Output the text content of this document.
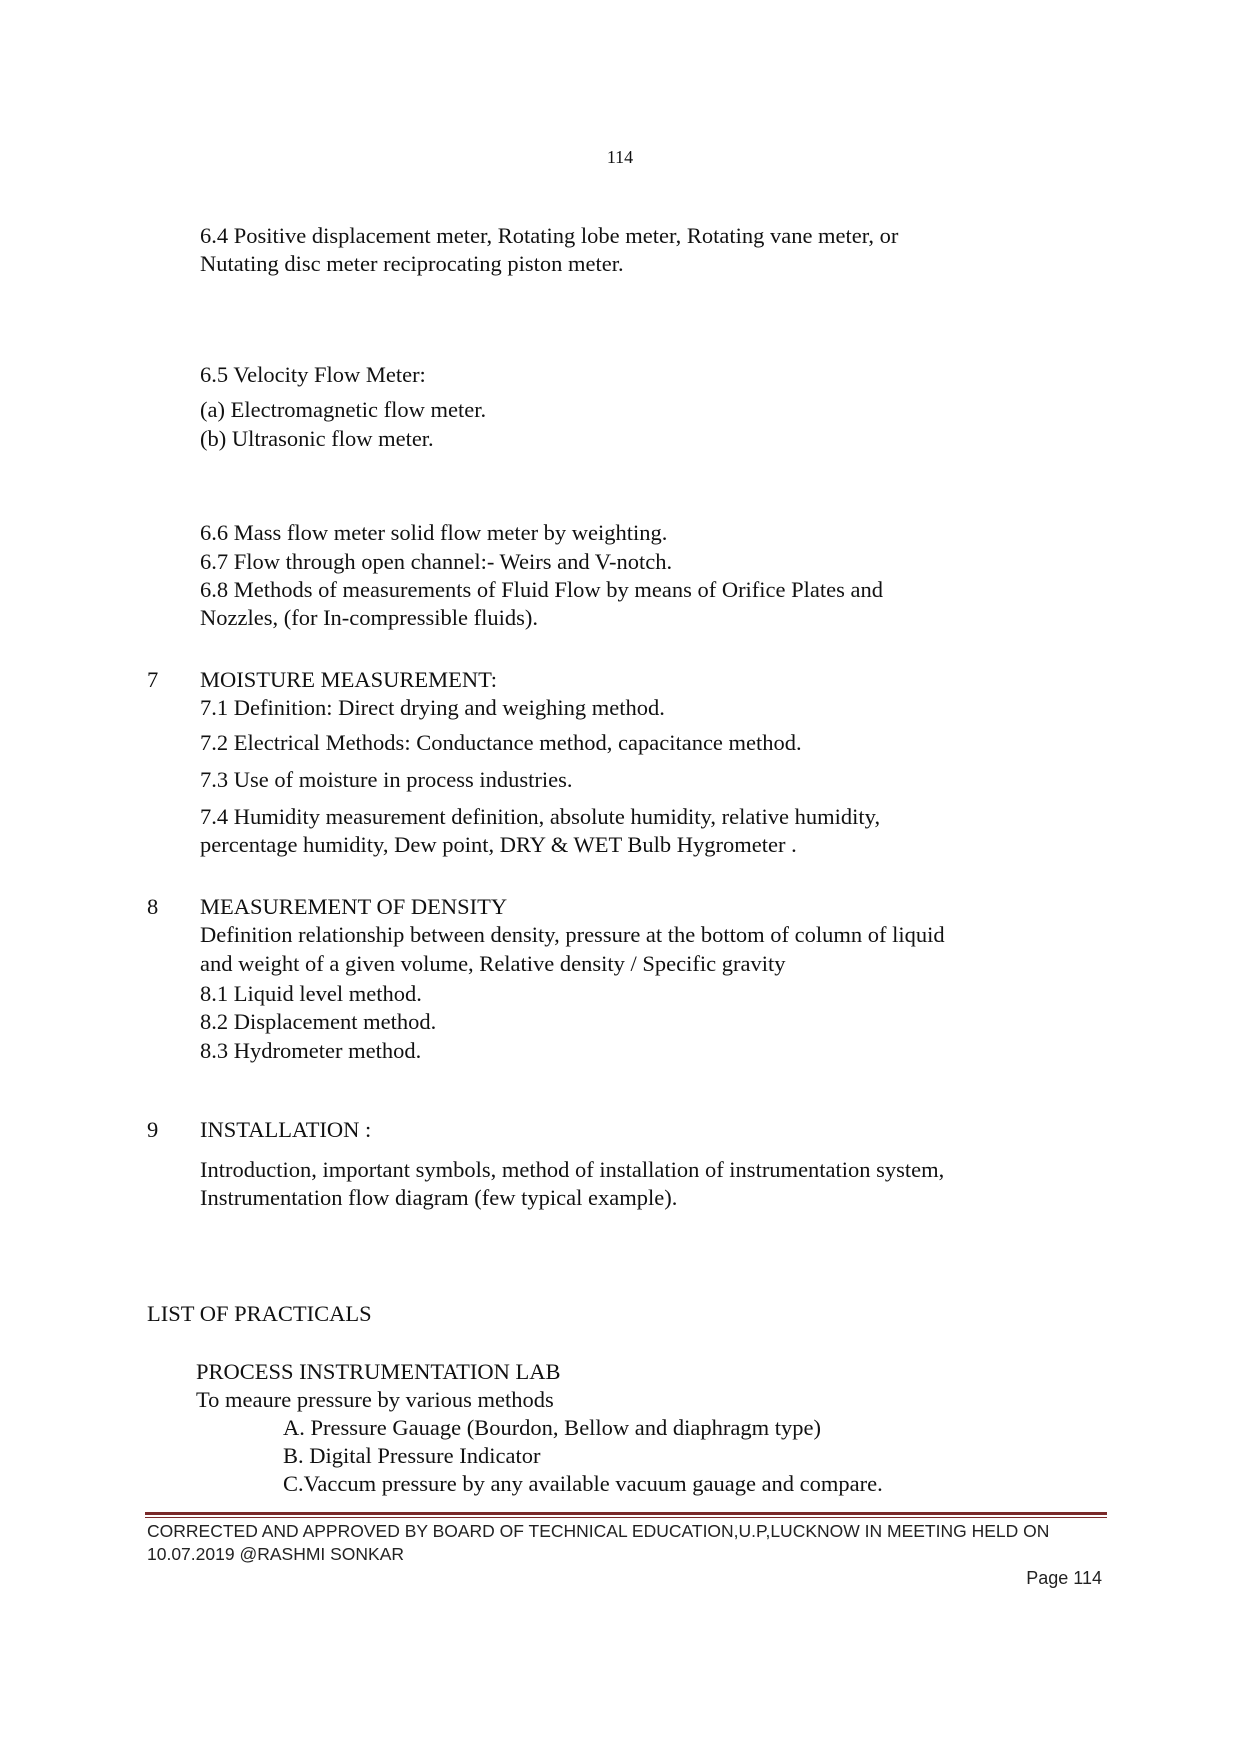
114

6.4 Positive displacement meter, Rotating lobe meter, Rotating vane meter, or

Nutating disc meter reciprocating piston meter.

6.5 Velocity Flow Meter:

(a) Electromagnetic flow meter.

(b) Ultrasonic flow meter.

6.6 Mass flow meter solid flow meter by weighting.

6.7 Flow through open channel:- Weirs and V-notch.

6.8 Methods of measurements of Fluid Flow by means of Orifice Plates and

Nozzles, (for In-compressible fluids).

7 MOISTURE MEASUREMENT:

7.1 Definition: Direct drying and weighing method.

7.2 Electrical Methods: Conductance method, capacitance method.

7.3 Use of moisture in process industries.

7.4 Humidity measurement definition, absolute humidity, relative humidity,

percentage humidity, Dew point, DRY & WET Bulb Hygrometer .

8 MEASUREMENT OF DENSITY

Definition relationship between density, pressure at the bottom of column of liquid

and weight of a given volume, Relative density / Specific gravity

8.1 Liquid level method.

8.2 Displacement method.

8.3 Hydrometer method.

9 INSTALLATION :

Introduction, important symbols, method of installation of instrumentation system,

Instrumentation flow diagram (few typical example).

LIST OF PRACTICALS

PROCESS INSTRUMENTATION LAB

To meaure pressure by various methods

A. Pressure Gauage (Bourdon, Bellow and diaphragm type)

B. Digital Pressure Indicator

C.Vaccum pressure by any available vacuum gauage and compare.

CORRECTED AND APPROVED BY BOARD OF TECHNICAL EDUCATION,U.P,LUCKNOW IN MEETING HELD ON
10.07.2019 @RASHMI SONKAR
Page 114
